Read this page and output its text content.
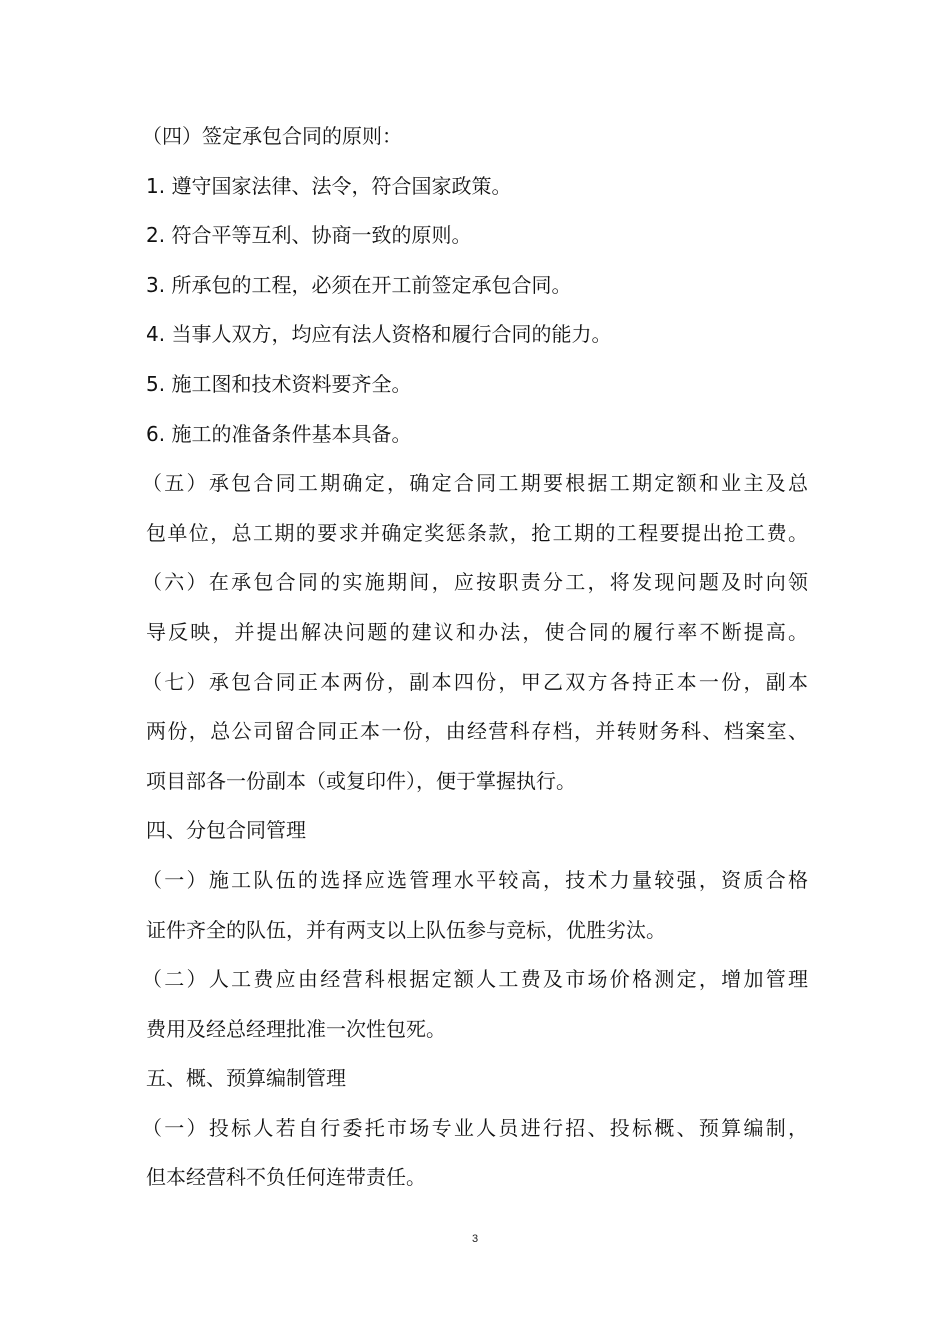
（四）签定承包合同的原则：
1. 遵守国家法律、法令，符合国家政策。
2. 符合平等互利、协商一致的原则。
3. 所承包的工程，必须在开工前签定承包合同。
4. 当事人双方，均应有法人资格和履行合同的能力。
5. 施工图和技术资料要齐全。
6. 施工的准备条件基本具备。
（五）承包合同工期确定，确定合同工期要根据工期定额和业主及总
包单位，总工期的要求并确定奖惩条款，抢工期的工程要提出抢工费。
（六）在承包合同的实施期间，应按职责分工，将发现问题及时向领
导反映，并提出解决问题的建议和办法，使合同的履行率不断提高。
（七）承包合同正本两份，副本四份，甲乙双方各持正本一份，副本
两份，总公司留合同正本一份，由经营科存档，并转财务科、档案室、
项目部各一份副本（或复印件），便于掌握执行。
四、分包合同管理
（一）施工队伍的选择应选管理水平较高，技术力量较强，资质合格
证件齐全的队伍，并有两支以上队伍参与竞标，优胜劣汰。
（二）人工费应由经营科根据定额人工费及市场价格测定，增加管理
费用及经总经理批准一次性包死。
五、概、预算编制管理
（一）投标人若自行委托市场专业人员进行招、投标概、预算编制，
但本经营科不负任何连带责任。
3
